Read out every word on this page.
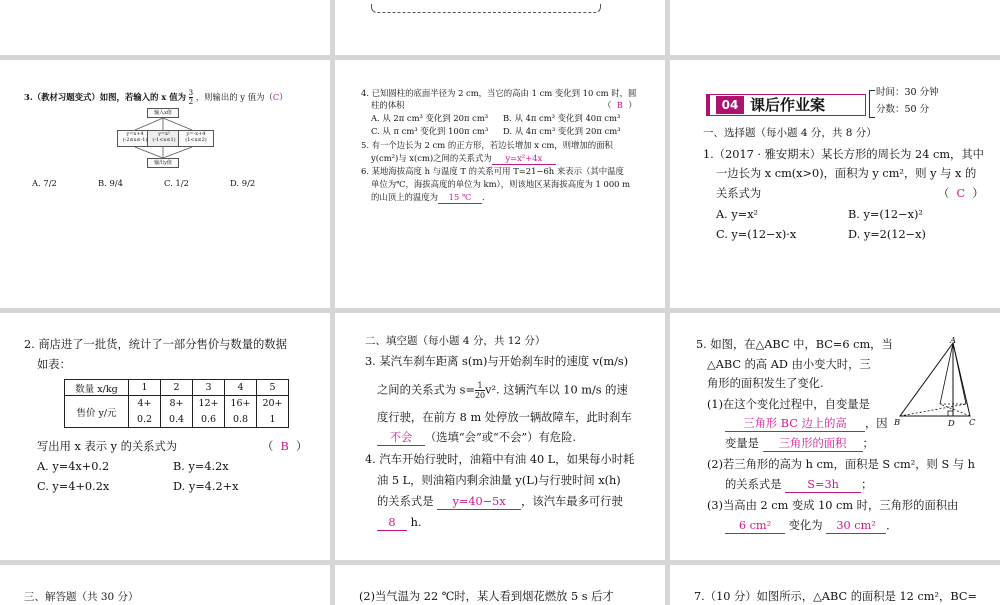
3.（教材习题变式）如图，若输入的 x 值为 $\frac{3}{2}$ ，则输出的 y 值为（C）
输入x值
y=x+4 (-2≤x≤-1)
y=x² (-1<x≤1)
y=-x+4 (1<x≤2)
输出y值
A. 7/2	B. 9/4	C. 1/2	D. 9/2
4. 已知圆柱的底面半径为 2 cm，当它的高由 1 cm 变化到 10 cm 时，圆
柱的体积	（ B ）
A. 从 2π cm³ 变化到 20π cm³ B. 从 4π cm³ 变化到 40π cm³
C. 从 π cm³ 变化到 100π cm³ D. 从 4π cm³ 变化到 20π cm³
5. 有一个边长为 2 cm 的正方形，若边长增加 x cm，则增加的面积
y(cm²)与 x(cm)之间的关系式为 y=x²+4x
6. 某地海拔高度 h 与温度 T 的关系可用 T=21−6h 来表示（其中温度
单位为℃，海拔高度的单位为 km），则该地区某海拔高度为 1 000 m
的山顶上的温度为 15 ℃ ．
04 课后作业案
时间：30 分钟
分数：50 分
一、选择题（每小题 4 分，共 8 分）
1.（2017 · 雅安期末）某长方形的周长为 24 cm，其中
一边长为 x cm(x>0)，面积为 y cm²，则 y 与 x 的
关系式为	（ C ）
A. y=x²	B. y=(12−x)²
C. y=(12−x)·x	D. y=2(12−x)
2. 商店进了一批货，统计了一部分售价与数量的数据
如表：
数量 x/kg	1	2	3	4	5
售价 y/元	4+	8+	12+	16+	20+
	0.2	0.4	0.6	0.8	1
写出用 x 表示 y 的关系式为	（ B ）
A. y=4x+0.2	B. y=4.2x
C. y=4+0.2x	D. y=4.2+x
二、填空题（每小题 4 分，共 12 分）
3. 某汽车刹车距离 s(m)与开始刹车时的速度 v(m/s)
之间的关系式为 $s= \frac{1}{20} v^2$. 这辆汽车以 10 m/s 的速
度行驶，在前方 8 m 处停放一辆故障车，此时刹车
不会 （选填“会”或“不会”）有危险.
4. 汽车开始行驶时，油箱中有油 40 L，如果每小时耗
油 5 L，则油箱内剩余油量 y(L)与行驶时间 x(h)
的关系式是 y=40−5x ，该汽车最多可行驶
8 h.
5. 如图，在△ABC 中，BC=6 cm，当
△ABC 的高 AD 由小变大时，三
角形的面积发生了变化.
(1)在这个变化过程中，自变量是
三角形 BC 边上的高 ，因
变量是 三角形的面积 ；
(2)若三角形的高为 h cm，面积是 S cm²，则 S 与 h
的关系式是 S=3h ；
(3)当高由 2 cm 变成 10 cm 时，三角形的面积由
6 cm² 变化为 30 cm² ．
A
B	D C
三、解答题（共 30 分）	(2)当气温为 22 ℃时，某人看到烟花燃放 5 s 后才	7.（10 分）如图所示，△ABC 的面积是 12 cm²，BC=
